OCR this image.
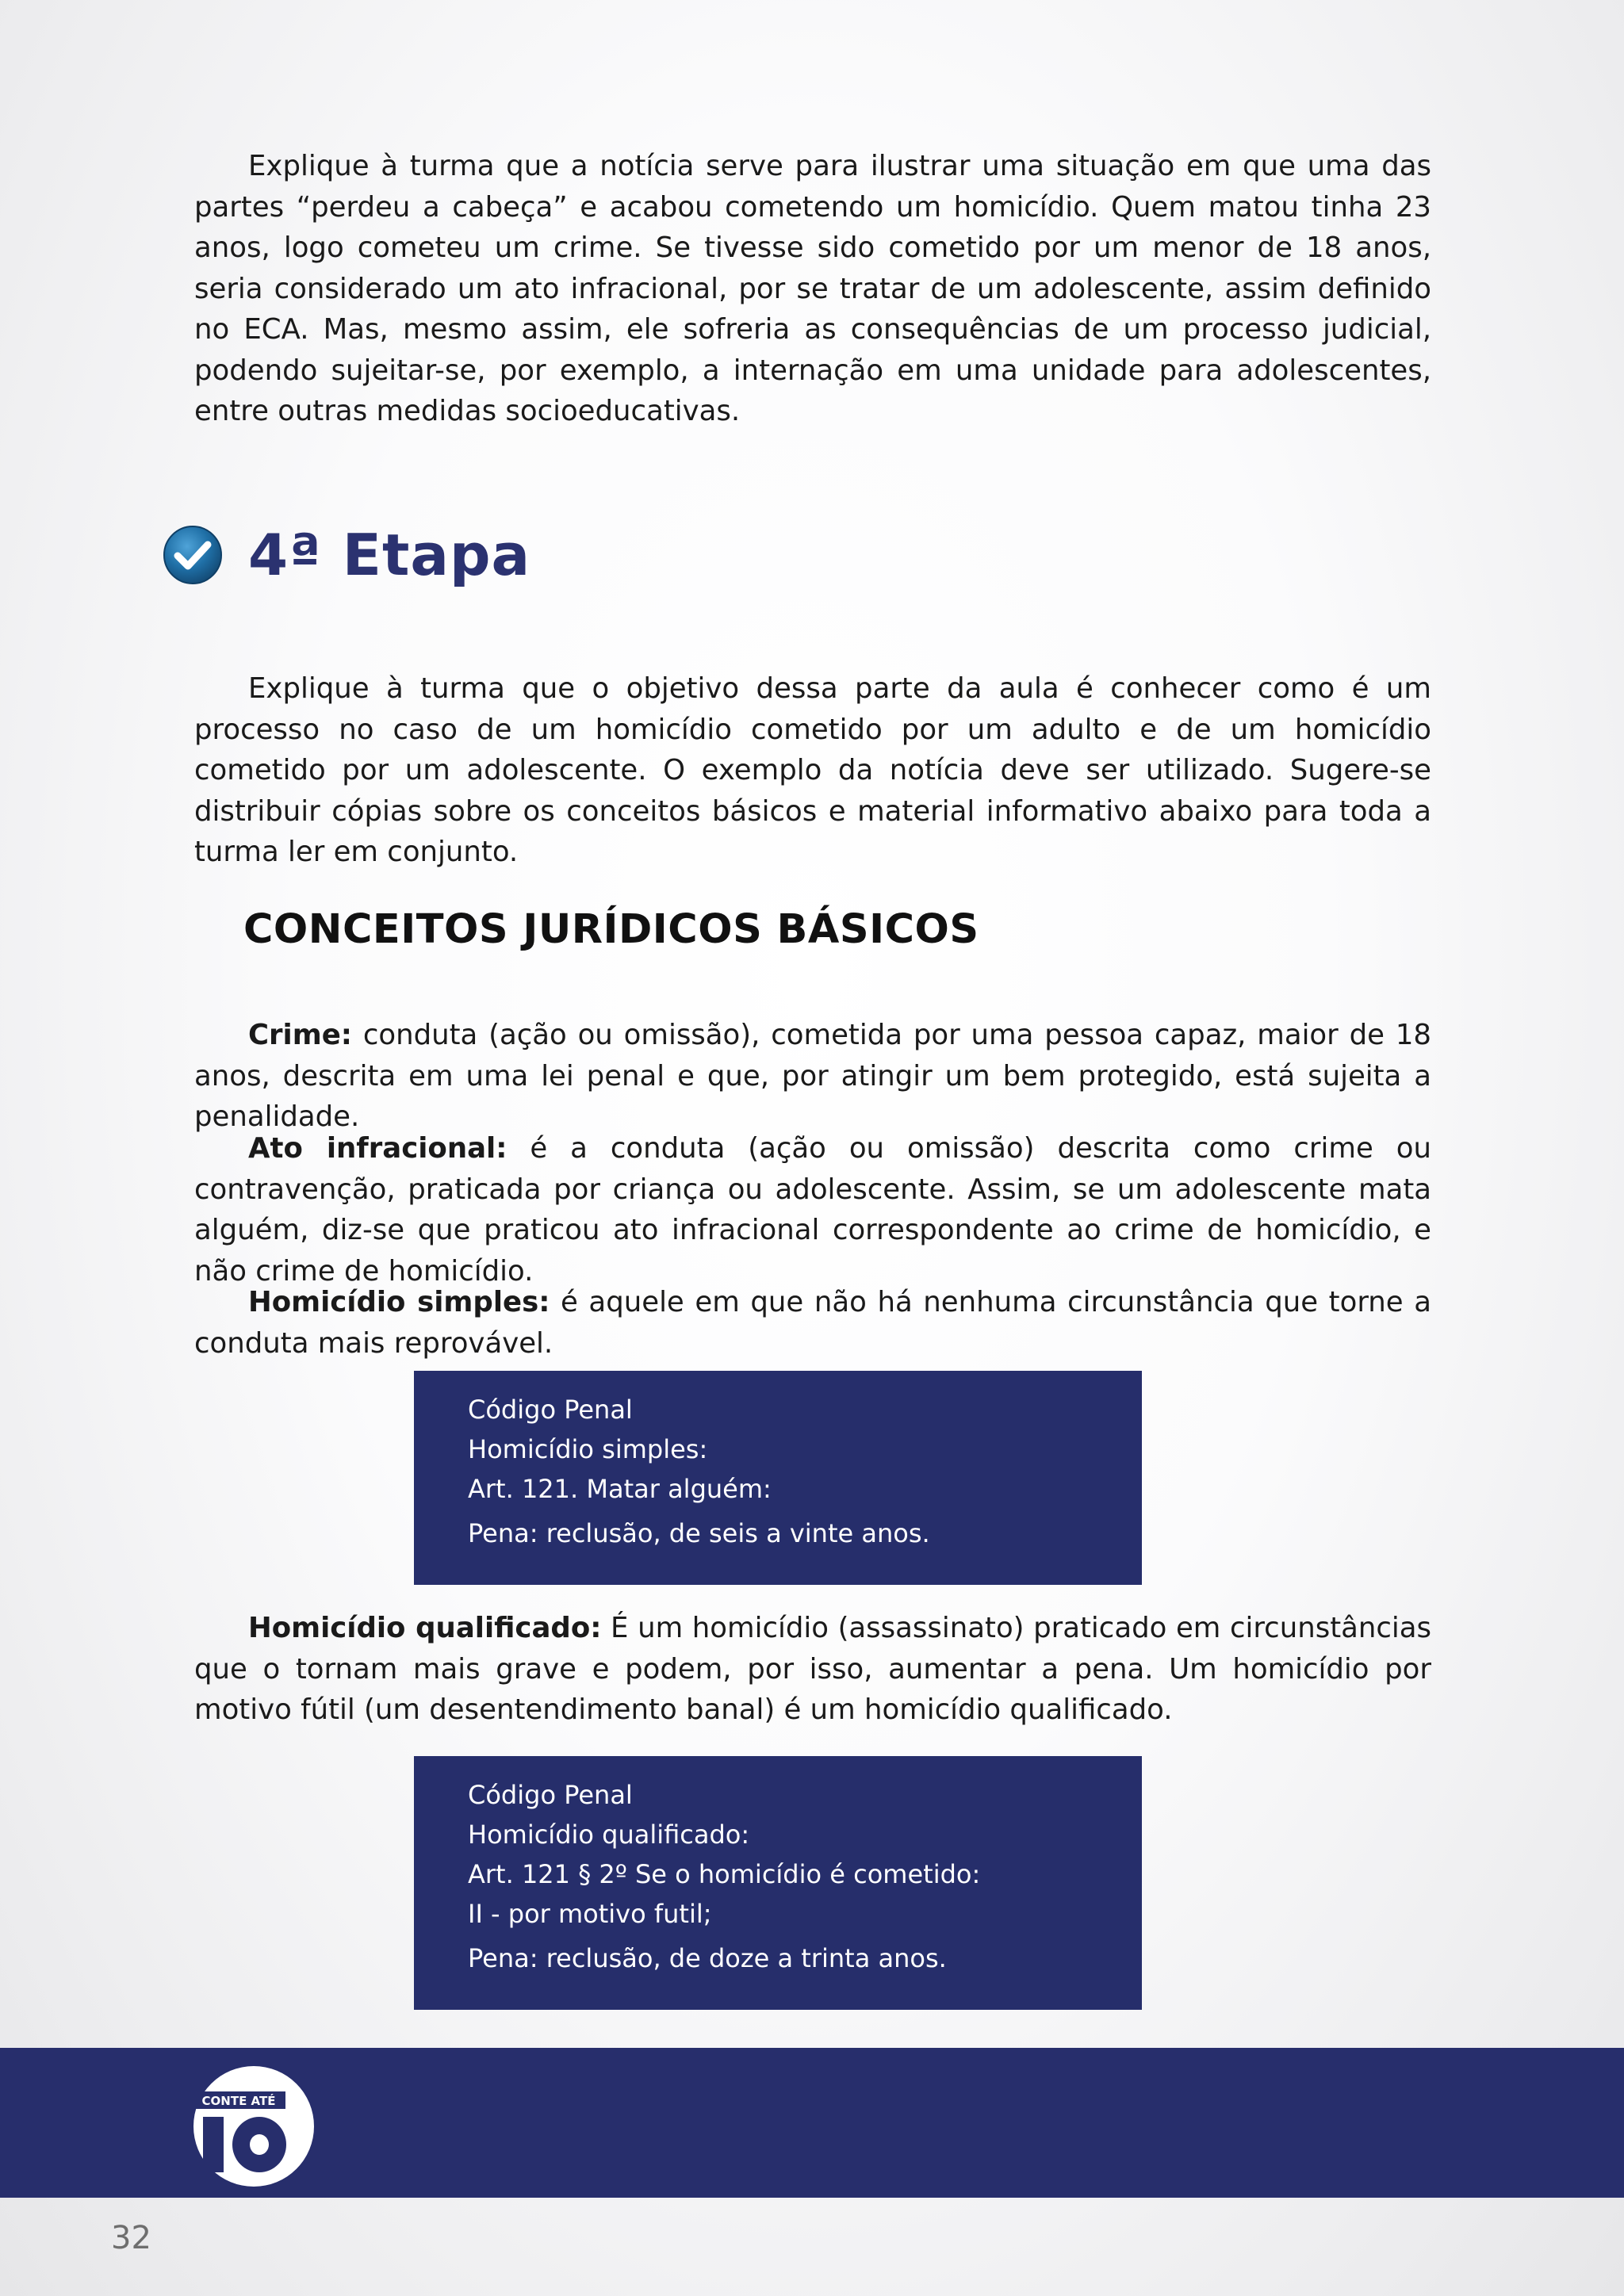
Explique à turma que a notícia serve para ilustrar uma situação em que uma das partes “perdeu a cabeça” e acabou cometendo um homicídio. Quem matou tinha 23 anos, logo cometeu um crime. Se tivesse sido cometido por um menor de 18 anos, seria considerado um ato infracional, por se tratar de um adolescente, assim definido no ECA. Mas, mesmo assim, ele sofreria as consequências de um processo judicial, podendo sujeitar-se, por exemplo, a internação em uma unidade para adolescentes, entre outras medidas socioeducativas.

4ª Etapa

Explique à turma que o objetivo dessa parte da aula é conhecer como é um processo no caso de um homicídio cometido por um adulto e de um homicídio cometido por um adolescente. O exemplo da notícia deve ser utilizado. Sugere-se distribuir cópias sobre os conceitos básicos e material informativo abaixo para toda a turma ler em conjunto.

CONCEITOS JURÍDICOS BÁSICOS

Crime: conduta (ação ou omissão), cometida por uma pessoa capaz, maior de 18 anos, descrita em uma lei penal e que, por atingir um bem protegido, está sujeita a penalidade.

Ato infracional: é a conduta (ação ou omissão) descrita como crime ou contravenção, praticada por criança ou adolescente. Assim, se um adolescente mata alguém, diz-se que praticou ato infracional correspondente ao crime de homicídio, e não crime de homicídio.

Homicídio simples: é aquele em que não há nenhuma circunstância que torne a conduta mais reprovável.

Código Penal
Homicídio simples:
Art. 121. Matar alguém:
Pena: reclusão, de seis a vinte anos.

Homicídio qualificado: É um homicídio (assassinato) praticado em circunstâncias que o tornam mais grave e podem, por isso, aumentar a pena. Um homicídio por motivo fútil (um desentendimento banal) é um homicídio qualificado.

Código Penal
Homicídio qualificado:
Art. 121 § 2º Se o homicídio é cometido:
II - por motivo futil;
Pena: reclusão, de doze a trinta anos.
CONTE ATÉ
32
